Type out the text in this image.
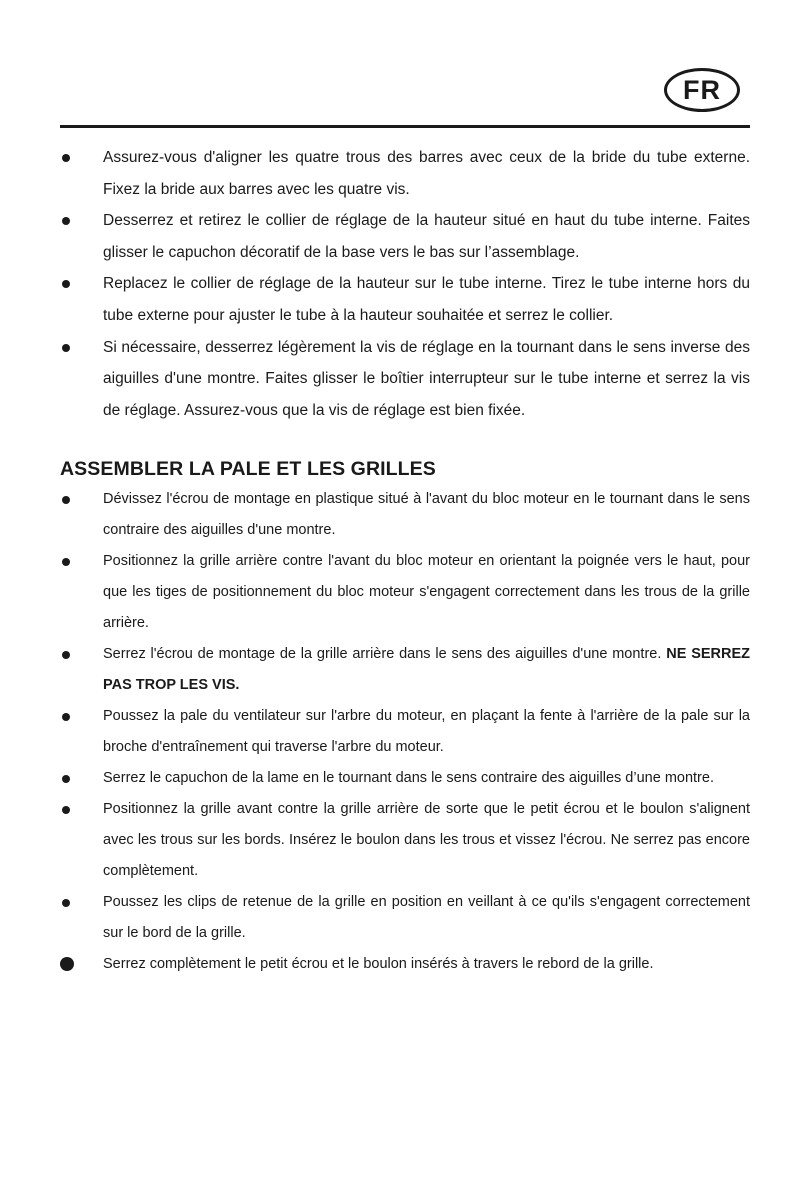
FR
Assurez-vous d'aligner les quatre trous des barres avec ceux de la bride du tube externe. Fixez la bride aux barres avec les quatre vis.
Desserrez et retirez le collier de réglage de la hauteur situé en haut du tube interne. Faites glisser le capuchon décoratif de la base vers le bas sur l’assemblage.
Replacez le collier de réglage de la hauteur sur le tube interne. Tirez le tube interne hors du tube externe pour ajuster le tube à la hauteur souhaitée et serrez le collier.
Si nécessaire, desserrez légèrement la vis de réglage en la tournant dans le sens inverse des aiguilles d'une montre. Faites glisser le boîtier interrupteur sur le tube interne et serrez la vis de réglage. Assurez-vous que la vis de réglage est bien fixée.
ASSEMBLER LA PALE ET LES GRILLES
Dévissez l'écrou de montage en plastique situé à l'avant du bloc moteur en le tournant dans le sens contraire des aiguilles d'une montre.
Positionnez la grille arrière contre l'avant du bloc moteur en orientant la poignée vers le haut, pour que les tiges de positionnement du bloc moteur s'engagent correctement dans les trous de la grille arrière.
Serrez l'écrou de montage de la grille arrière dans le sens des aiguilles d'une montre. NE SERREZ PAS TROP LES VIS.
Poussez la pale du ventilateur sur l'arbre du moteur, en plaçant la fente à l'arrière de la pale sur la broche d'entraînement qui traverse l'arbre du moteur.
Serrez le capuchon de la lame en le tournant dans le sens contraire des aiguilles d’une montre.
Positionnez la grille avant contre la grille arrière de sorte que le petit écrou et le boulon s'alignent avec les trous sur les bords. Insérez le boulon dans les trous et vissez l'écrou. Ne serrez pas encore complètement.
Poussez les clips de retenue de la grille en position en veillant à ce qu'ils s'engagent correctement sur le bord de la grille.
Serrez complètement le petit écrou et le boulon insérés à travers le rebord de la grille.
